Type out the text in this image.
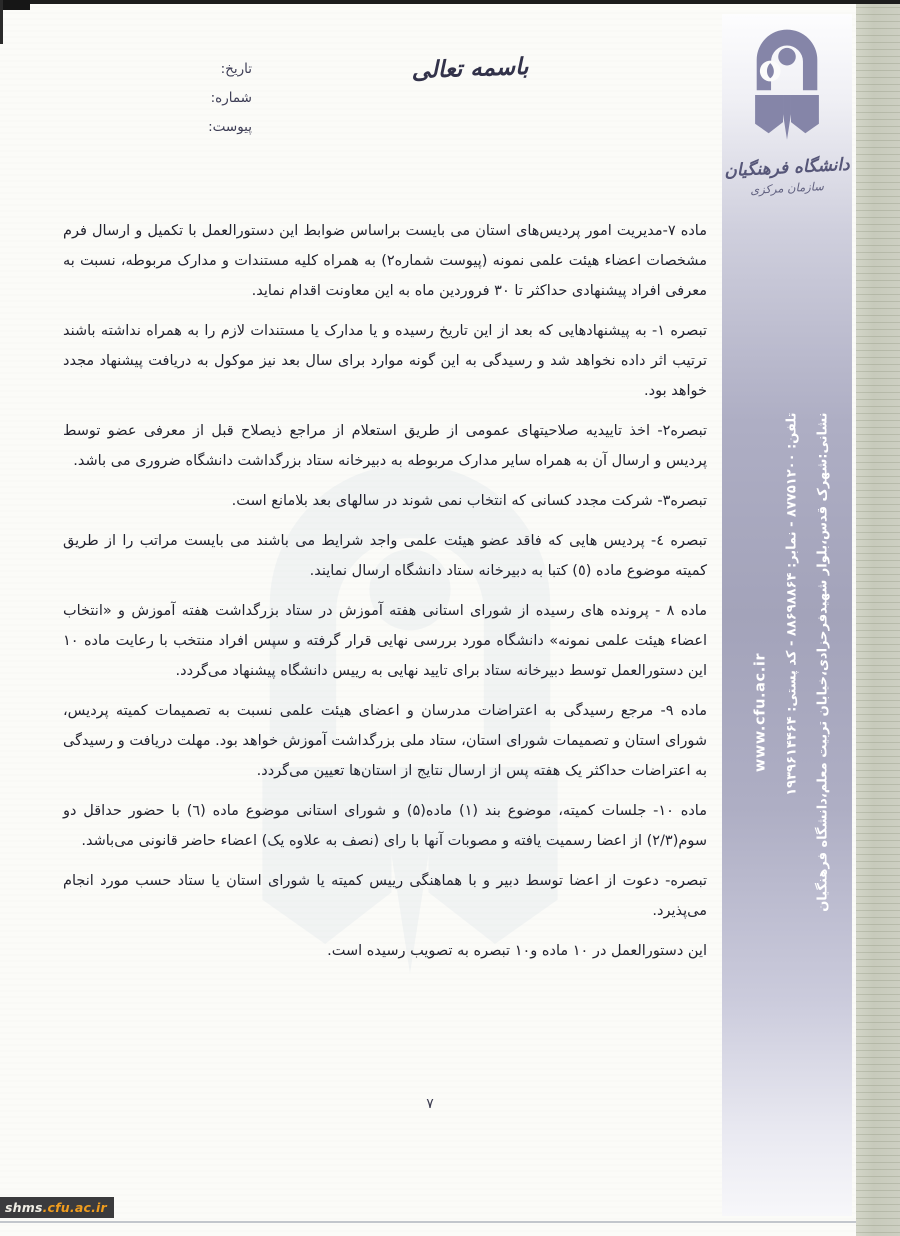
باسمه تعالی
تاریخ:
شماره:
پیوست:
دانشگاه فرهنگیان
سازمان مرکزی
www.cfu.ac.ir	تلفن: ۸۷۷۵۱۲۰۰ - نمابر: ۸۸۶۹۸۸۶۴ - کد پستی: ۱۹۳۹۶۱۴۴۶۴	نشانی:شهرک قدس،بلوار شهیدفرحزادی،خیابان تربیت معلم،دانشگاه فرهنگیان

ماده ۷-مدیریت امور پردیس‌های استان می بایست براساس ضوابط این دستورالعمل با تکمیل و ارسال فرم مشخصات اعضاء هیئت علمی نمونه (پیوست شماره۲) به همراه کلیه مستندات و مدارک مربوطه، نسبت به معرفی افراد پیشنهادی حداکثر تا ۳۰ فروردین ماه به این معاونت اقدام نماید.

تبصره ۱- به پیشنهادهایی که بعد از این تاریخ رسیده و یا مدارک یا مستندات لازم را به همراه نداشته باشند ترتیب اثر داده نخواهد شد و رسیدگی به این گونه موارد برای سال بعد نیز موکول به دریافت پیشنهاد مجدد خواهد بود.

تبصره۲- اخذ تاییدیه صلاحیتهای عمومی از طریق استعلام از مراجع ذیصلاح قبل از معرفی عضو توسط پردیس و ارسال آن به همراه سایر مدارک مربوطه به دبیرخانه ستاد بزرگداشت دانشگاه ضروری می باشد.

تبصره۳- شرکت مجدد کسانی که انتخاب نمی شوند در سالهای بعد بلامانع است.

تبصره ٤- پردیس هایی که فاقد عضو هیئت علمی واجد شرایط می باشند می بایست مراتب را از طریق کمیته موضوع ماده (٥) کتبا به دبیرخانه ستاد دانشگاه ارسال نمایند.

ماده ۸ - پرونده های رسیده از شورای استانی هفته آموزش در ستاد بزرگداشت هفته آموزش و «انتخاب اعضاء هیئت علمی نمونه» دانشگاه مورد بررسی نهایی قرار گرفته و سپس افراد منتخب با رعایت ماده ۱۰ این دستورالعمل توسط دبیرخانه ستاد برای تایید نهایی به رییس دانشگاه پیشنهاد می‌گردد.

ماده ۹- مرجع رسیدگی به اعتراضات مدرسان و اعضای هیئت علمی نسبت به تصمیمات کمیته پردیس، شورای استان و تصمیمات شورای استان، ستاد ملی بزرگداشت آموزش خواهد بود. مهلت دریافت و رسیدگی به اعتراضات حداکثر یک هفته پس از ارسال نتایج از استان‌ها تعیین می‌گردد.

ماده ۱۰- جلسات کمیته، موضوع بند (۱) ماده(۵) و شورای استانی موضوع ماده (٦) با حضور حداقل دو سوم(۲/۳) از اعضا رسمیت یافته و مصوبات آنها با رای (نصف به علاوه یک) اعضاء حاضر قانونی می‌باشد.

تبصره- دعوت از اعضا توسط دبیر و با هماهنگی رییس کمیته یا شورای استان یا ستاد حسب مورد انجام می‌پذیرد.

این دستورالعمل در ۱۰ ماده و۱۰ تبصره به تصویب رسیده است.

۷
shms .cfu.ac.ir
